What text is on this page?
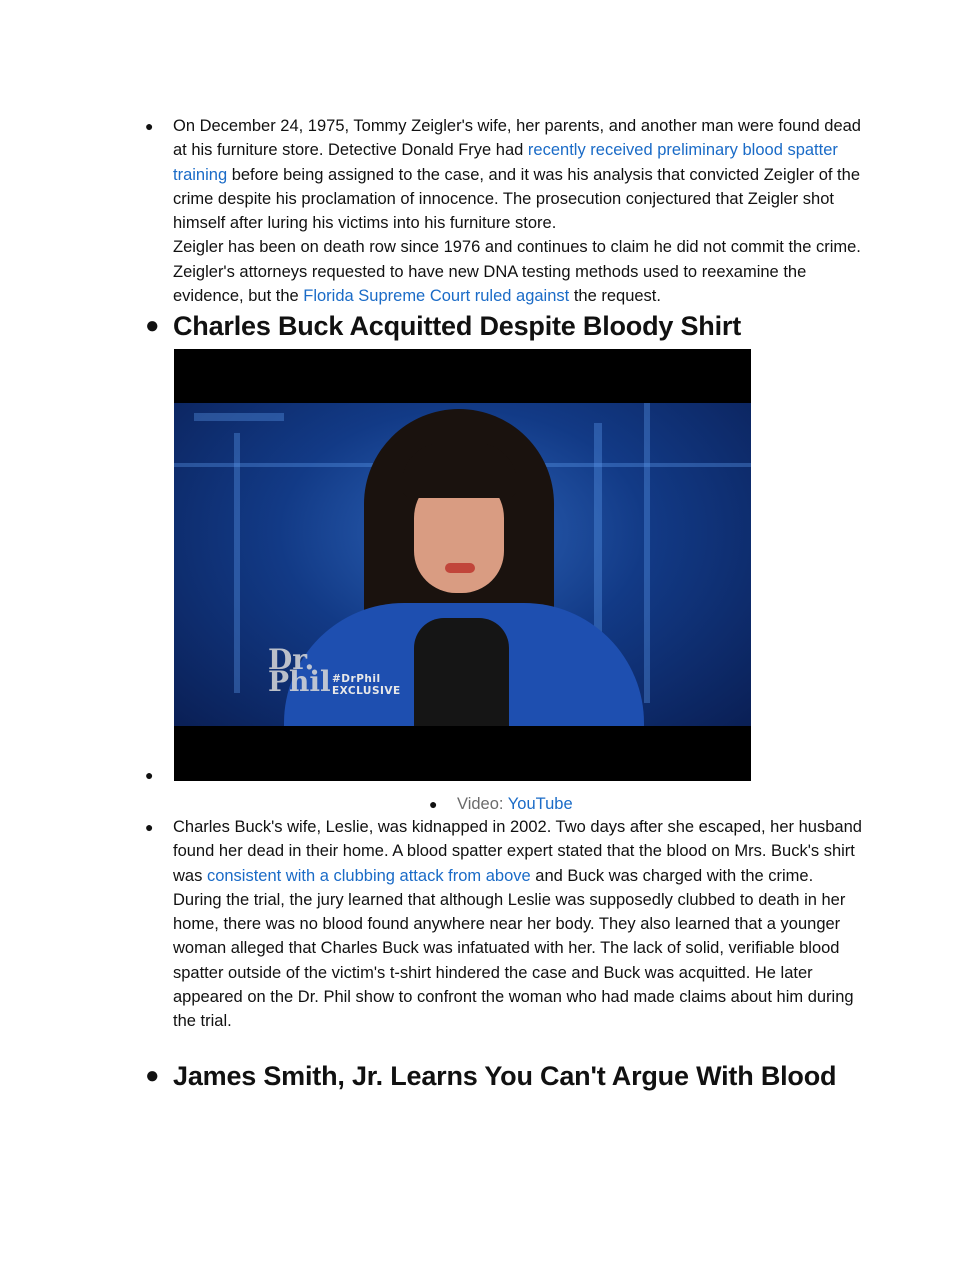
● On December 24, 1975, Tommy Zeigler's wife, her parents, and another man were found dead at his furniture store. Detective Donald Frye had recently received preliminary blood spatter training before being assigned to the case, and it was his analysis that convicted Zeigler of the crime despite his proclamation of innocence. The prosecution conjectured that Zeigler shot himself after luring his victims into his furniture store.

Zeigler has been on death row since 1976 and continues to claim he did not commit the crime. Zeigler's attorneys requested to have new DNA testing methods used to reexamine the evidence, but the Florida Supreme Court ruled against the request.

● Charles Buck Acquitted Despite Bloody Shirt

●

Dr. Phil #DrPhil
EXCLUSIVE
● Video: YouTube

● Charles Buck's wife, Leslie, was kidnapped in 2002. Two days after she escaped, her husband found her dead in their home. A blood spatter expert stated that the blood on Mrs. Buck's shirt was consistent with a clubbing attack from above and Buck was charged with the crime.

During the trial, the jury learned that although Leslie was supposedly clubbed to death in her home, there was no blood found anywhere near her body. They also learned that a younger woman alleged that Charles Buck was infatuated with her. The lack of solid, verifiable blood spatter outside of the victim's t-shirt hindered the case and Buck was acquitted. He later appeared on the Dr. Phil show to confront the woman who had made claims about him during the trial.

● James Smith, Jr. Learns You Can't Argue With Blood
